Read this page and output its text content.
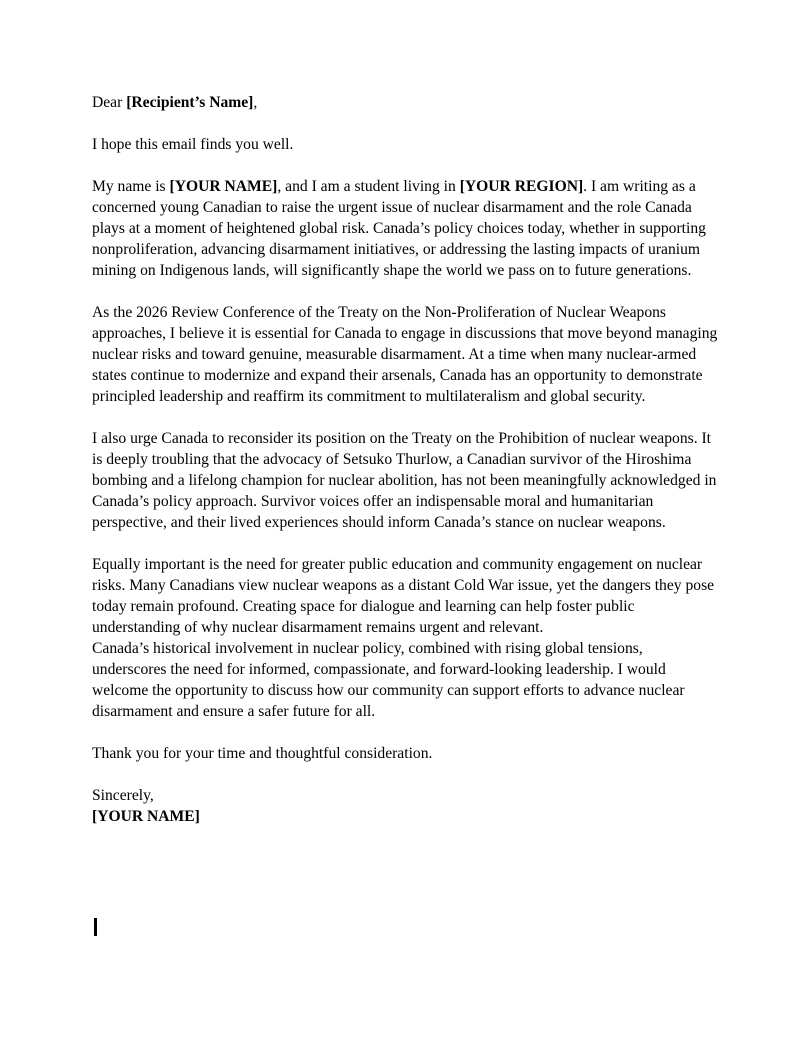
Dear [Recipient’s Name],

I hope this email finds you well.

My name is [YOUR NAME], and I am a student living in [YOUR REGION]. I am writing as a concerned young Canadian to raise the urgent issue of nuclear disarmament and the role Canada plays at a moment of heightened global risk. Canada’s policy choices today, whether in supporting nonproliferation, advancing disarmament initiatives, or addressing the lasting impacts of uranium mining on Indigenous lands, will significantly shape the world we pass on to future generations.

As the 2026 Review Conference of the Treaty on the Non-Proliferation of Nuclear Weapons approaches, I believe it is essential for Canada to engage in discussions that move beyond managing nuclear risks and toward genuine, measurable disarmament. At a time when many nuclear-armed states continue to modernize and expand their arsenals, Canada has an opportunity to demonstrate principled leadership and reaffirm its commitment to multilateralism and global security.

I also urge Canada to reconsider its position on the Treaty on the Prohibition of nuclear weapons. It is deeply troubling that the advocacy of Setsuko Thurlow, a Canadian survivor of the Hiroshima bombing and a lifelong champion for nuclear abolition, has not been meaningfully acknowledged in Canada’s policy approach. Survivor voices offer an indispensable moral and humanitarian perspective, and their lived experiences should inform Canada’s stance on nuclear weapons.

Equally important is the need for greater public education and community engagement on nuclear risks. Many Canadians view nuclear weapons as a distant Cold War issue, yet the dangers they pose today remain profound. Creating space for dialogue and learning can help foster public understanding of why nuclear disarmament remains urgent and relevant.

Canada’s historical involvement in nuclear policy, combined with rising global tensions, underscores the need for informed, compassionate, and forward-looking leadership. I would welcome the opportunity to discuss how our community can support efforts to advance nuclear disarmament and ensure a safer future for all.

Thank you for your time and thoughtful consideration.

Sincerely,

[YOUR NAME]
